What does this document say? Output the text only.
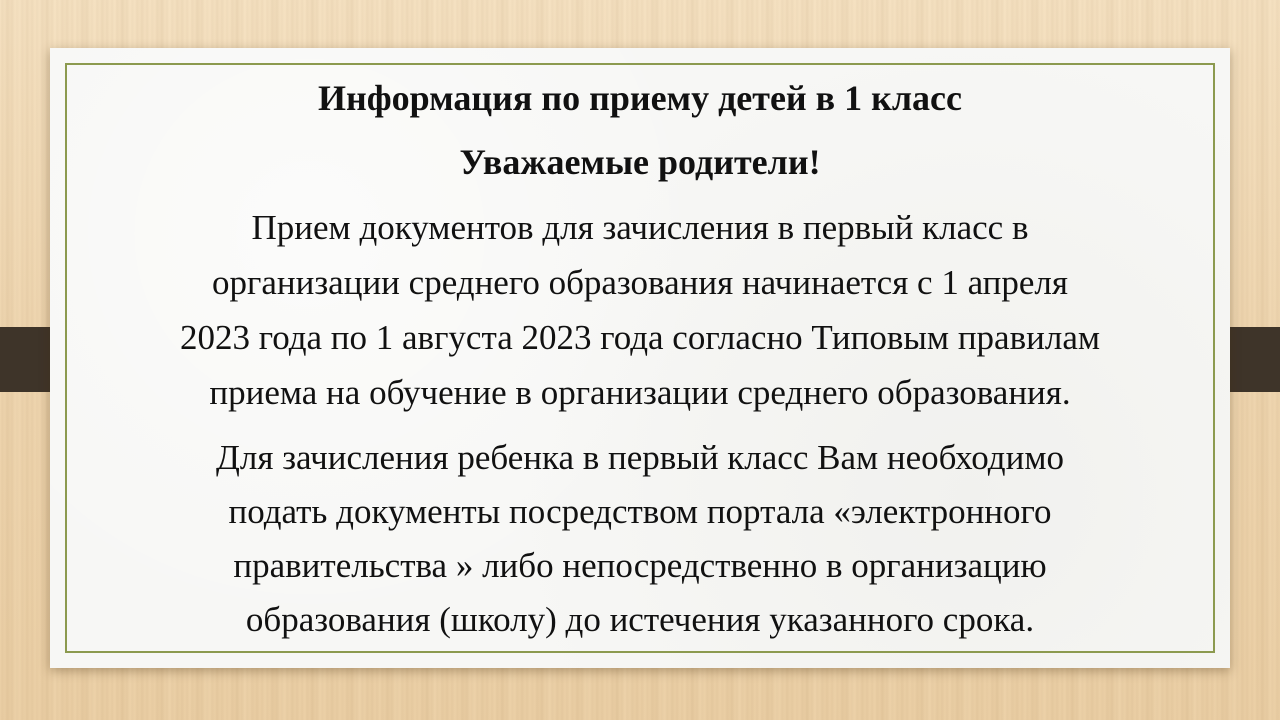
Информация по приему детей в 1 класс
Уважаемые родители!
Прием документов для зачисления в первый класс в
организации среднего образования начинается с 1 апреля
2023 года по 1 августа 2023 года согласно Типовым правилам
приема на обучение в организации среднего образования.
Для зачисления ребенка в первый класс Вам необходимо
подать документы посредством портала «электронного
правительства » либо непосредственно в организацию
образования (школу) до истечения указанного срока.
